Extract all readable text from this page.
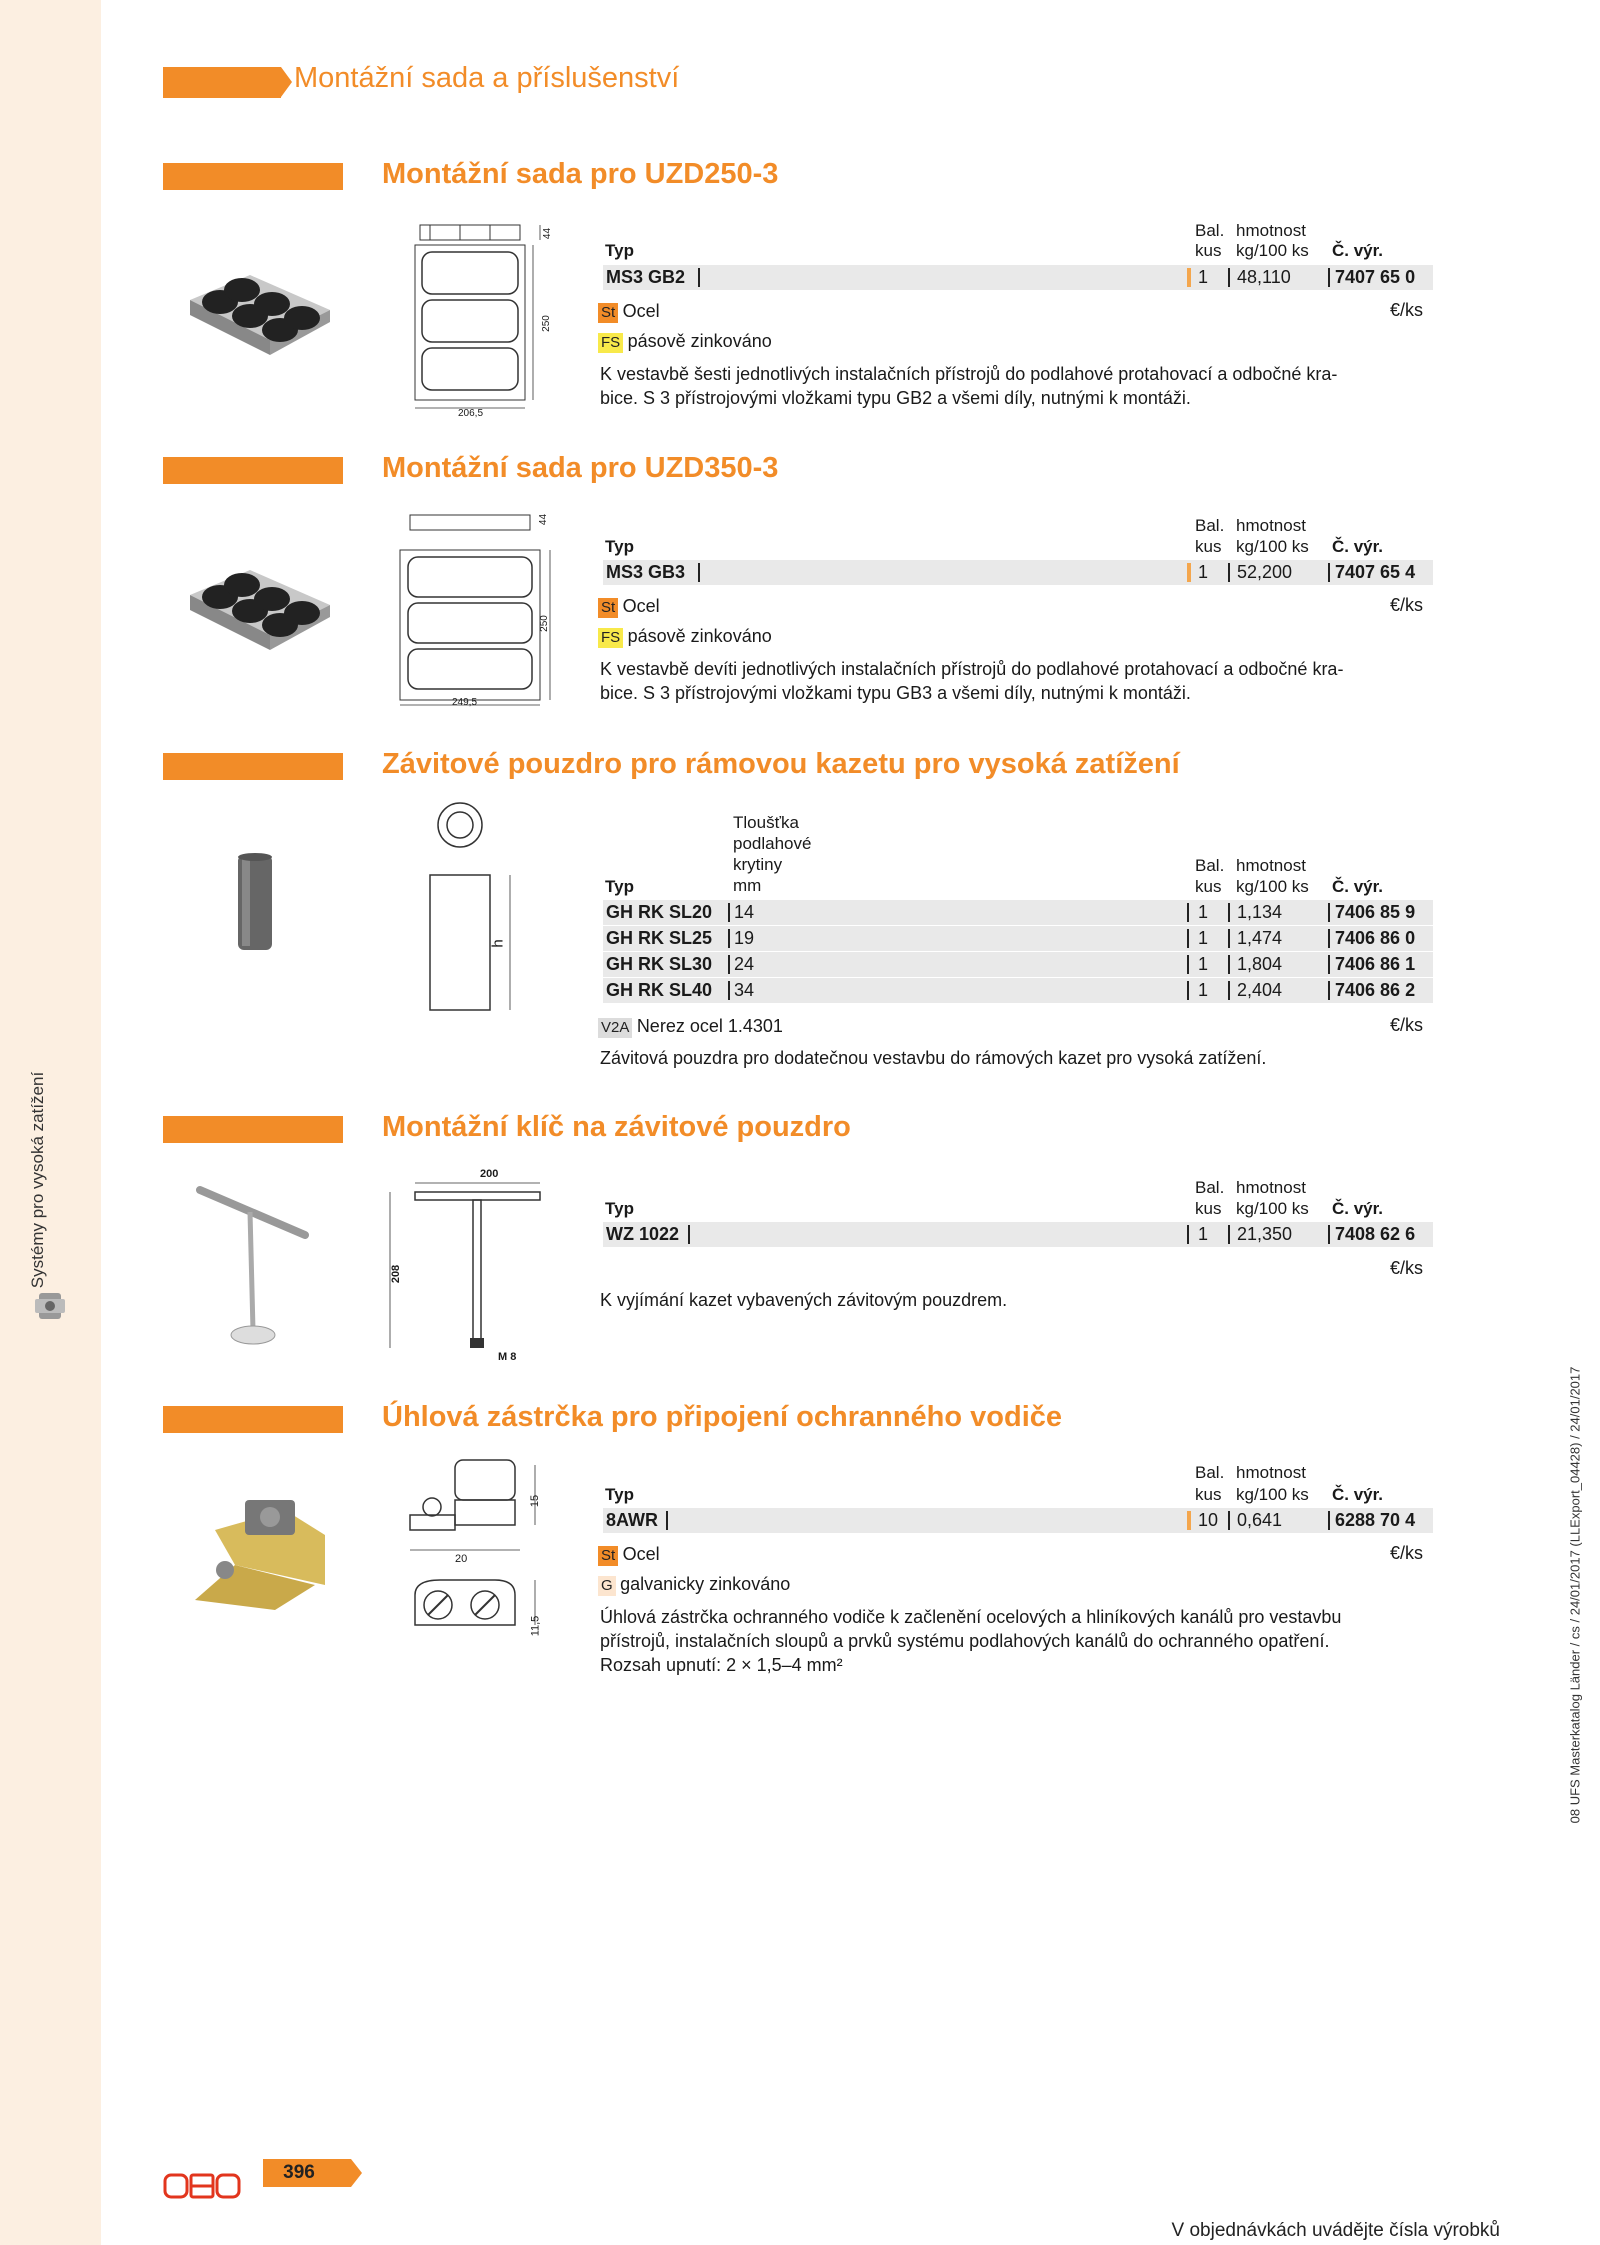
Systémy pro vysoká zatížení
08 UFS Masterkatalog Länder / cs / 24/01/2017 (LLExport_04428) / 24/01/2017
Montážní sada a příslušenství
Montážní sada pro UZD250-3
206,5
250
44	Bal. hmotnost
Typ	kus kg/100 ks Č. výr.
MS3 GB2	1 48,110 7407 65 0
St Ocel	€/ks
FS pásově zinkováno
K vestavbě šesti jednotlivých instalačních přístrojů do podlahové protahovací a odbočné kra-
bice. S 3 přístrojovými vložkami typu GB2 a všemi díly, nutnými k montáži.
Montážní sada pro UZD350-3
249,5
250
44	Bal. hmotnost
Typ	kus kg/100 ks Č. výr.
MS3 GB3	1 52,200 7407 65 4
St Ocel	€/ks
FS pásově zinkováno
K vestavbě devíti jednotlivých instalačních přístrojů do podlahové protahovací a odbočné kra-
bice. S 3 přístrojovými vložkami typu GB3 a všemi díly, nutnými k montáži.
Závitové pouzdro pro rámovou kazetu pro vysoká zatížení
h
Tloušťka
podlahové
krytiny
mm
Bal. hmotnost
Typ	kus kg/100 ks Č. výr.
GH RK SL20 14	1 1,134	7406 85 9
GH RK SL25 19	1 1,474	7406 86 0
GH RK SL30 24	1 1,804	7406 86 1
GH RK SL40 34	1 2,404	7406 86 2
V2A Nerez ocel 1.4301	€/ks
Závitová pouzdra pro dodatečnou vestavbu do rámových kazet pro vysoká zatížení.
Montážní klíč na závitové pouzdro
200
208
M 8
Bal. hmotnost
Typ	kus kg/100 ks Č. výr.
WZ 1022	1 21,350 7408 62 6
€/ks
K vyjímání kazet vybavených závitovým pouzdrem.
Úhlová zástrčka pro připojení ochranného vodiče
20
15
11,5
Bal. hmotnost
Typ	kus kg/100 ks Č. výr.
8AWR	10 0,641	6288 70 4
St Ocel	€/ks
G galvanicky zinkováno
Úhlová zástrčka ochranného vodiče k začlenění ocelových a hliníkových kanálů pro vestavbu
přístrojů, instalačních sloupů a prvků systému podlahových kanálů do ochranného opatření.
Rozsah upnutí: 2 × 1,5–4 mm²
396
V objednávkách uvádějte čísla výrobků
